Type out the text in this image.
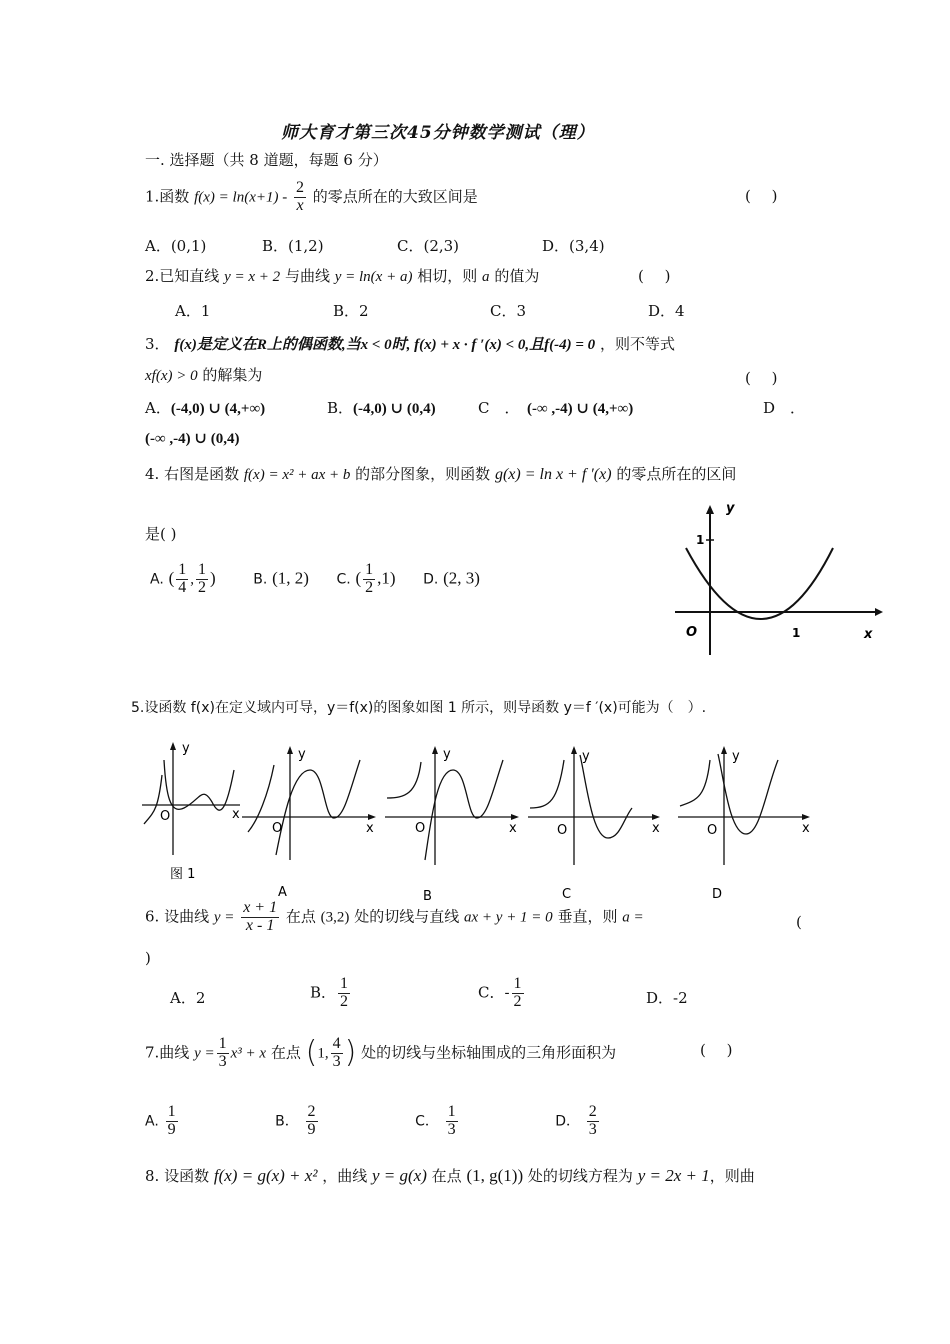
师大育才第三次45分钟数学测试（理）
一. 选择题（共 8 道题，每题 6 分）
1.函数 $f(x) = \ln(x+1) - \frac{2}{x}$ 的零点所在的大致区间是	( )
A．(0,1)	B．(1,2)	C．(2,3)	D．(3,4)
2.已知直线 y = x + 2 与曲线 y = ln(x + a) 相切，则 a 的值为	( )
A．1	B．2	C．3	D．4
3． f(x)是定义在R上的偶函数,当x < 0时, f(x) + x · f ′(x) < 0,且f(-4) = 0 ，则不等式
xf(x) > 0 的解集为	( )
A．(-4,0) ∪ (4,+∞)	B．(-4,0) ∪ (0,4)	C　．　 (-∞ ,-4) ∪ (4,+∞)	D　．
(-∞ ,-4) ∪ (0,4)
4. 右图是函数 f(x) = x² + ax + b 的部分图象，则函数 g(x) = ln x + f ′(x) 的零点所在的区间
是( )
A. ( $\frac{1}{4}$ , $\frac{1}{2}$ )	B. (1, 2) C. ( $\frac{1}{2} ,1$) D. (2, 3)
y
x
O
1
1
5.设函数 f(x)在定义域内可导，y＝f(x)的图象如图 1 所示，则导函数 y＝f ′(x)可能为（　）.
y
x
O
图 1
y
x
O
A
y
x
O
B
y
x
O
C
y
x
O
D
6. 设曲线 $y = \frac{x + 1}{x - 1}$ 在点 (3,2) 处的切线与直线 ax + y + 1 = 0 垂直，则 a =	(
)
A．2	B． $\frac{1}{2}$	C．- $\frac{1}{2}$	D．-2
7.曲线 $y = \frac{1}{3} x^3 + x$ 在点 (1, $\frac{4}{3}$ ) 处的切线与坐标轴围成的三角形面积为	( )
A. $\frac{1}{9}$	B． $\frac{2}{9}$	C． $\frac{1}{3}$	D． $\frac{2}{3}$
8. 设函数 f(x) = g(x) + x² ，曲线 y = g(x) 在点 (1, g(1)) 处的切线方程为 y = 2x + 1，则曲
